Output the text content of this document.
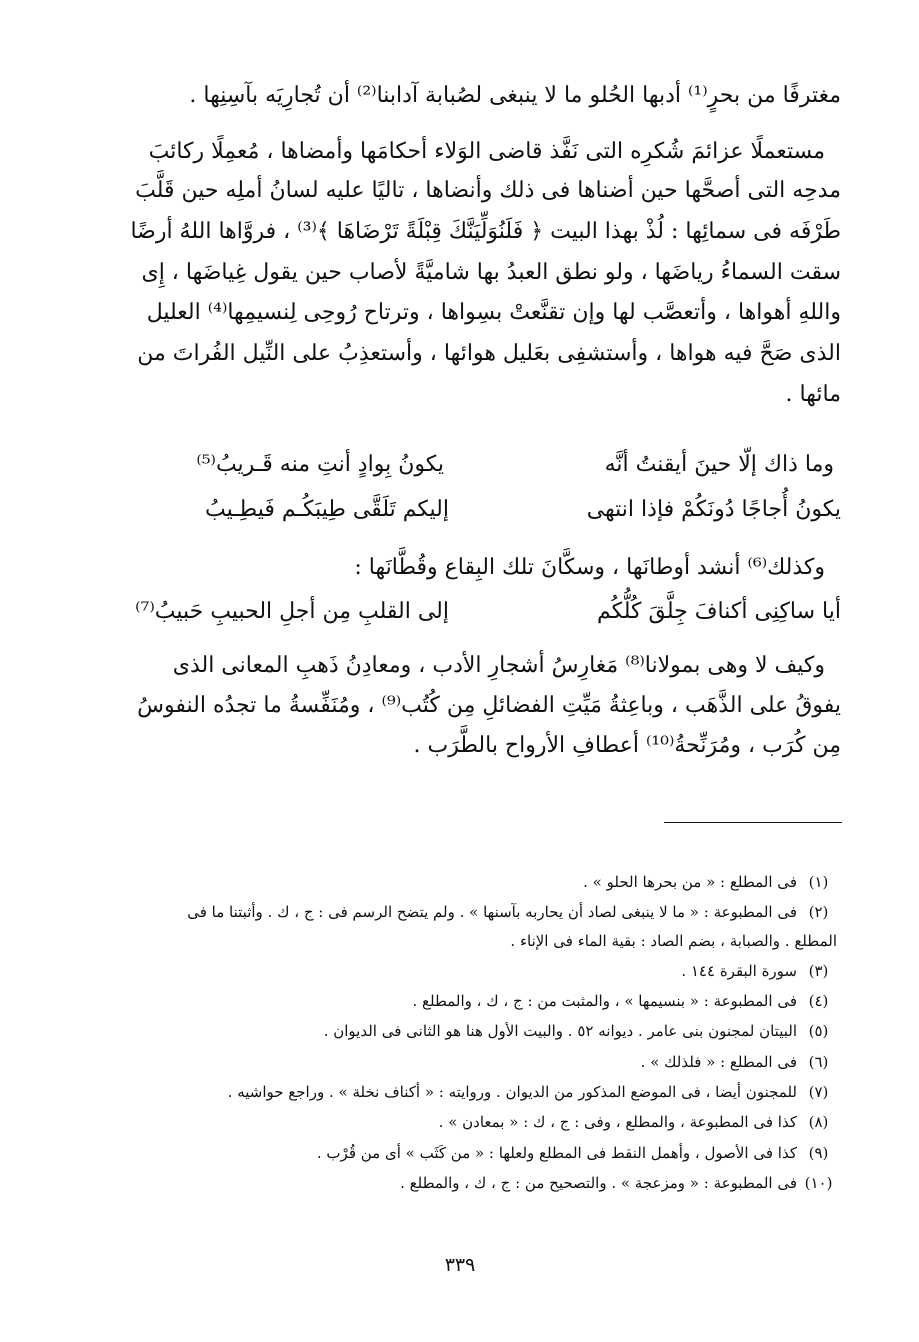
مغترفًا من بحرٍ⁽¹⁾ أدبها الحُلو ما لا ينبغى لصُبابة آدابنا⁽²⁾ أن تُجارِيَه بآسِنِها .
مستعملًا عزائمَ شُكرِه التى نَفَّذ قاضى الوَلاء أحكامَها وأمضاها ، مُعمِلًا ركائبَ
مدحِه التى أصحَّها حين أضناها فى ذلك وأنضاها ، تاليًا عليه لسانُ أملِه حين قَلَّبَ
طَرْفَه فى سمائِها : لُذْ بهذا البيت ﴿ فَلَنُوَلِّيَنَّكَ قِبْلَةً تَرْضَاهَا ﴾⁽³⁾ ، فروَّاها اللهُ أرضًا
سقت السماءُ رياضَها ، ولو نطق العبدُ بها شاميَّةً لأصاب حين يقول غِياضَها ، إِى
واللهِ أهواها ، وأتعصَّب لها وإن تقنَّعتْ بسِواها ، وترتاح رُوحِى لِنسيمِها⁽⁴⁾ العليل
الذى صَحَّ فيه هواها ، وأستشفِى بعَليل هوائها ، وأستعذِبُ على النِّيل الفُراتَ من
مائها .
وما ذاك إلّا حينَ أيقنتُ أنَّه
يكونُ بِوادٍ أنتِ منه قَـريبُ⁽⁵⁾
يكونُ أُجاجًا دُونَكُمْ فإذا انتهى
إليكم تَلَقَّى طِيبَكُـم فَيطِـيبُ
وكذلك⁽⁶⁾ أنشد أوطانَها ، وسكَّانَ تلك البِقاع وقُطَّانَها :
أيا ساكِنِى أكنافَ جِلَّقَ كُلُّكُم
إلى القلبِ مِن أجلِ الحبيبِ حَبيبُ⁽⁷⁾
وكيف لا وهى بمولانا⁽⁸⁾ مَغارِسُ أشجارِ الأدب ، ومعادِنُ ذَهبِ المعانى الذى
يفوقُ على الذَّهَب ، وباعِثةُ مَيِّتِ الفضائلِ مِن كُتُب⁽⁹⁾ ، ومُنَفِّسةُ ما تجدُه النفوسُ
مِن كُرَب ، ومُرَنِّحةُ⁽¹⁰⁾ أعطافِ الأرواح بالطَّرَب .
(١)
فى المطلع : « من بحرها الحلو » .
(٢)
فى المطبوعة : « ما لا ينبغى لصاد أن يحاربه بآسنها » . ولم يتضح الرسم فى : ج ، ك . وأثبتنا ما فى
المطلع . والصبابة ، بضم الصاد : بقية الماء فى الإناء .
(٣)
سورة البقرة ١٤٤ .
(٤)
فى المطبوعة : « بنسيمها » ، والمثبت من : ج ، ك ، والمطلع .
(٥)
البيتان لمجنون بنى عامر . ديوانه ٥٢ . والبيت الأول هنا هو الثانى فى الديوان .
(٦)
فى المطلع : « فلذلك » .
(٧)
للمجنون أيضا ، فى الموضع المذكور من الديوان . وروايته : « أكناف نخلة » . وراجع حواشيه .
(٨)
كذا فى المطبوعة ، والمطلع ، وفى : ج ، ك : « بمعادن » .
(٩)
كذا فى الأصول ، وأهمل النقط فى المطلع ولعلها : « من كَثَب » أى من قُرْب .
(١٠)
فى المطبوعة : « ومزعجة » . والتصحيح من : ج ، ك ، والمطلع .
٣٣٩
